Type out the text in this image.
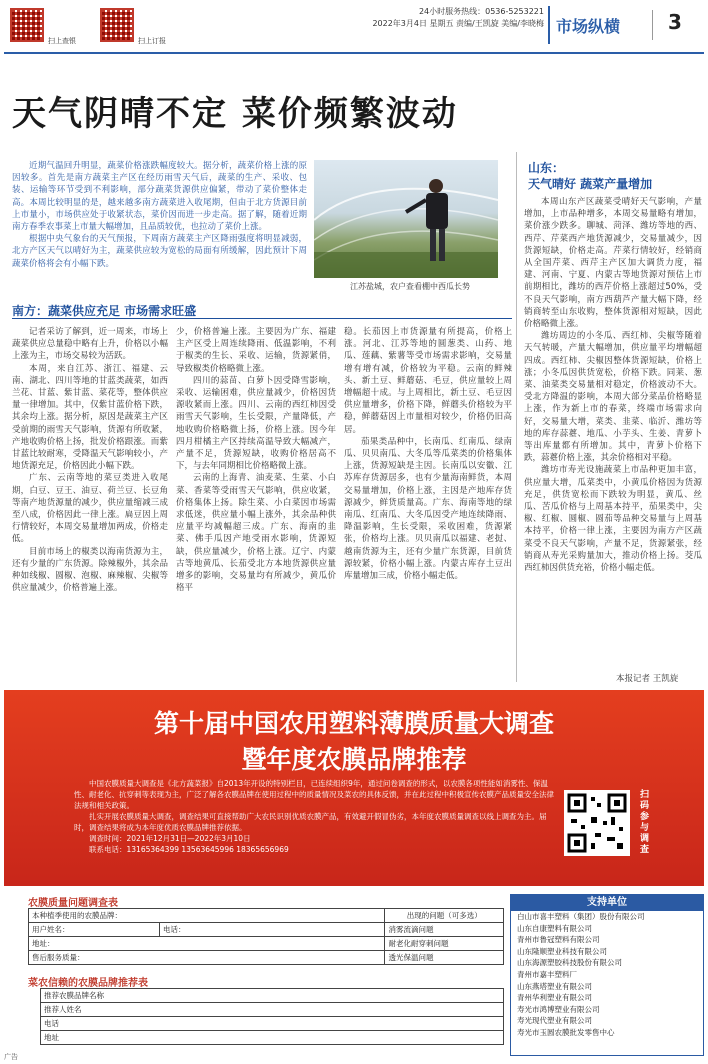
扫上查银	扫上订报
24小时服务热线：0536-5253221
2022年3月4日 星期五 责编/王凯旋 美编/李晓梅 市场纵横 3
天气阴晴不定 菜价频繁波动

近期气温回升明显，蔬菜价格涨跌幅度较大。据分析，蔬菜价格上涨的原因较多。首先是南方蔬菜主产区在经历雨雪天气后，蔬菜的生产、采收、包装、运输等环节受到不利影响，部分蔬菜货源供应偏紧，带动了菜价整体走高。本周比较明显的是，越来越多南方蔬菜进入收尾期，但由于北方货源目前上市量小，市场供应处于收紧状态，菜价因而进一步走高。据了解，随着近期南方春季农事菜上市量大幅增加，且品质较优，也拉动了菜价上涨。

根据中央气象台的天气预报，下周南方蔬菜主产区降雨强度将明显减弱，北方产区天气以晴好为主，蔬菜供应较为宽松的局面有所缓解，因此预计下周蔬菜价格将会有小幅下跌。

江苏盐城，农户查看棚中西瓜长势
南方：蔬菜供应充足 市场需求旺盛

记者采访了解到，近一周来，市场上蔬菜供应总量稳中略有上升，价格以小幅上涨为主，市场交易较为活跃。

本周，来自江苏、浙江、福建、云南、湖北、四川等地的甘蓝类蔬菜，如西兰花、甘蓝、紫甘蓝、菜花等，整体供应量一律增加。其中，仅紫甘蓝价格下跌，其余均上涨。据分析，原因是蔬菜主产区受前期的雨雪天气影响，货源有所收紧，产地收购价格上扬，批发价格跟涨。而紫甘蓝比较耐寒，受降温天气影响较小，产地货源充足，价格因此小幅下跌。

广东、云南等地的菜豆类进入收尾期，白豆、豆王、油豆、荷兰豆、长豆角等南产地货源量的减少，供应量缩减三成至八成，价格因此一律上涨。扁豆因上周行情较好，本周交易量增加两成，价格走低。

目前市场上的椒类以海南货源为主，还有少量的广东货源。除辣椒外，其余品种如线椒、圆椒、泡椒、麻辣椒、尖椒等供应量减少，价格普遍上涨。

少，价格普遍上涨。主要因为广东、福建主产区受上周连续降雨、低温影响，不利于椒类的生长、采收、运输，货源紧俏，导致椒类价格略微上涨。

四川的蒜苗、白萝卜因受降雪影响，采收、运输困难，供应量减少，价格因货源收紧而上涨。四川、云南的西红柿因受雨雪天气影响，生长受限，产量降低，产地收购价格略微上扬，价格上涨。因今年四月柑橘主产区持续高温导致大幅减产，产量不足，货源短缺，收购价格居高不下，与去年同期相比价格略微上涨。

云南的上海青、油麦菜、生菜、小白菜、香菜等受雨雪天气影响，供应收紧，价格集体上扬。除生菜、小白菜因市场需求低迷，供应量小幅上涨外，其余品种供应量平均减幅超三成。广东、海南的韭菜、佛手瓜因产地受雨水影响，货源短缺，供应量减少，价格上涨。辽宁、内蒙古等地黄瓜、长茄受北方本地货源供应量增多的影响，交易量均有所减少，黄瓜价格平

稳。长茄因上市货源量有所提高，价格上涨。河北、江苏等地的圆葱类、山药、地瓜、莲藕、紫薯等受市场需求影响，交易量增有增有减，价格较为平稳。云南的鲜辣头、新土豆、鲜蘑菇、毛豆，供应量较上周增幅超十成。与上周相比，新土豆、毛豆因供应量增多，价格下降，鲜蘑头价格较为平稳，鲜蘑菇因上市量相对较少，价格仍旧高居。

茄果类品种中，长南瓜、红南瓜、绿南瓜、贝贝南瓜、大冬瓜等瓜菜类的价格集体上涨，货源短缺是主因。长南瓜以安徽、江苏库存货源居多，也有少量海南鲜货，本周交易量增加，价格上涨，主因是产地库存货源减少，鲜货质量高。广东、海南等地的绿南瓜、红南瓜、大冬瓜因受产地连续降雨、降温影响，生长受限，采收困难，货源紧张，价格均上涨。贝贝南瓜以福建、老挝、越南货源为主，还有少量广东货源，目前货源较紧，价格小幅上涨。内蒙古库存土豆出库量增加三成，价格小幅走低。

山东：
天气晴好 蔬菜产量增加

本周山东产区蔬菜受晴好天气影响，产量增加，上市品种增多，本周交易量略有增加，菜价涨少跌多。聊城、菏泽、潍坊等地的西、西芹、芹菜西产地货源减少，交易量减少，因货源短缺，价格走高。芹菜行情较好，经销商从全国芹菜、西芹主产区加大调货力度，福建、河南、宁夏、内蒙古等地货源对预估上市前期相比，潍坊的西芹价格上涨超过50%，受不良天气影响，南方西葫芦产量大幅下降，经销商转至山东收购，整体货源相对短缺，因此价格略微上涨。

潍坊周边的小冬瓜、西红柿、尖椒等随着天气转暖，产量大幅增加，供应量平均增幅超四成。西红柿、尖椒因整体货源短缺，价格上涨；小冬瓜因供货宽松，价格下跌。同莱、葱菜、油菜类交易量相对稳定，价格波动不大。受北方降温的影响，本周大部分菜品价格略显上涨，作为新上市的春菜，终端市场需求向好，交易量大增，菜类、韭菜、临沂、潍坊等地的库存蒜薹、地瓜、小芋头、生姜、青萝卜等出库量都有所增加。其中，青萝卜价格下跌，蒜薹价格上涨，其余价格相对平稳。

潍坊市寿光设施蔬菜上市品种更加丰富，供应量大增，瓜菜类中，小黄瓜价格因为货源充足，供货宽松而下跌较为明显，黄瓜、丝瓜、苦瓜价格与上周基本持平，茄果类中，尖椒、红椒、圆椒、圆茄等品种交易量与上周基本持平，价格一律上涨，主要因为南方产区蔬菜受不良天气影响，产量不足，货源紧张，经销商从寿光采购量加大，推动价格上扬。茭瓜西红柿因供货充裕，价格小幅走低。

本报记者 王凯旋
第十届中国农用塑料薄膜质量大调查
暨年度农膜品牌推荐

中国农膜质量大调查是《北方蔬菜报》自2013年开设的特别栏目，已连续组织9年，通过问卷调查的形式，以农膜各项性能如消雾性、保温性、耐老化、抗穿刺等表现为主，广泛了解各农膜品牌在使用过程中的质量情况及菜农的具体反馈，并在此过程中积极宣传农膜产品质量安全法律法规和相关政策。

扎实开展农膜质量大调查，调查结果可直接帮助广大农民识别优质农膜产品，有效避开假冒伪劣，本年度农膜质量调查以线上调查为主。届时，调查结果将成为本年度优质农膜品牌推荐依据。

调查时间：2021年12月31日—2022年3月10日

联系电话：13165364399 13563645996 18365656969

扫码参与调查
农膜质量问题调查表
本种植季使用的农膜品牌：		出现的问题（可多选）
用户姓名：	电话：	消雾流滴问题
地址：		耐老化耐穿刺问题
售后服务质量：		透光保温问题
菜农信赖的农膜品牌推荐表
推荐农膜品牌名称
推荐人姓名
电话
地址
支持单位
白山市喜丰塑料（集团）股份有限公司
山东自康塑料有限公司
青州市鲁冠塑料有限公司
山东隆顺塑业科技有限公司
山东海源塑胶科技股份有限公司
青州市嘉丰塑料厂
山东燕塔塑业有限公司
青州华利塑业有限公司
寿光市鸿博塑业有限公司
寿光现代塑业有限公司
寿光市玉圆农膜批发零售中心
广告
